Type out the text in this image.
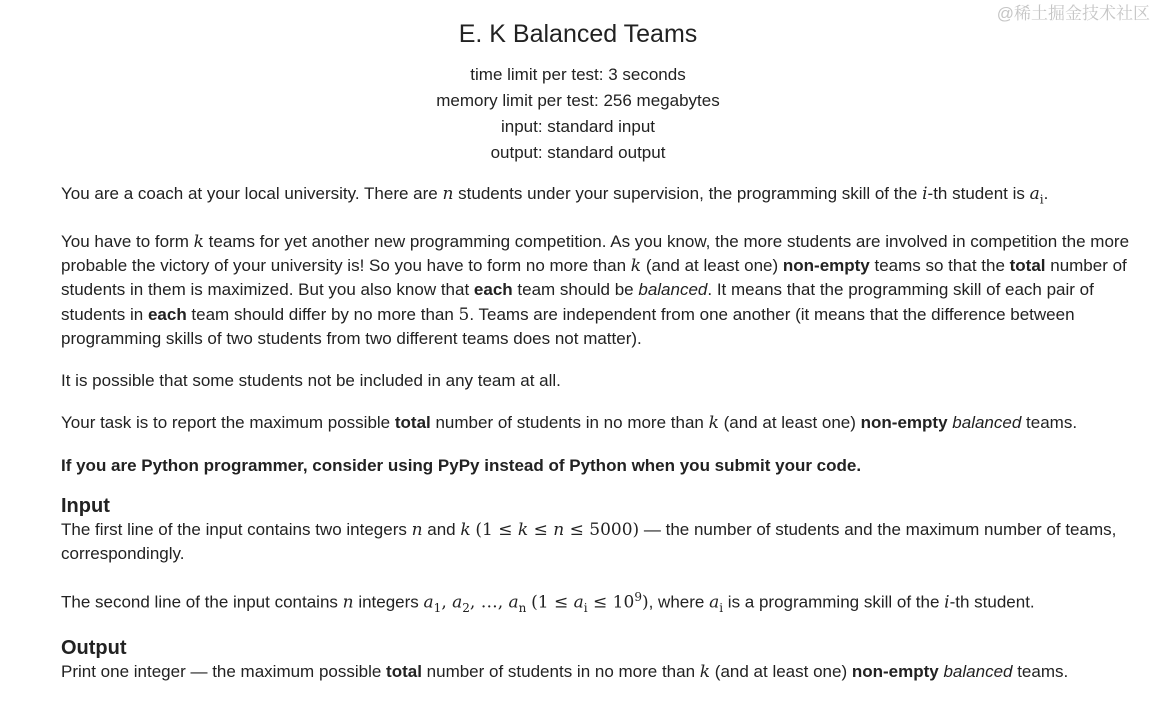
E. K Balanced Teams
time limit per test: 3 seconds
memory limit per test: 256 megabytes
input: standard input
output: standard output

You are a coach at your local university. There are n students under your supervision, the programming skill of the i-th student is $a_i$.

You have to form k teams for yet another new programming competition. As you know, the more students are involved in competition the more probable the victory of your university is! So you have to form no more than k (and at least one) non-empty teams so that the total number of students in them is maximized. But you also know that each team should be balanced. It means that the programming skill of each pair of students in each team should differ by no more than 5. Teams are independent from one another (it means that the difference between programming skills of two students from two different teams does not matter).

It is possible that some students not be included in any team at all.

Your task is to report the maximum possible total number of students in no more than k (and at least one) non-empty balanced teams.

If you are Python programmer, consider using PyPy instead of Python when you submit your code.

Input

The first line of the input contains two integers n and k (1 ≤ k ≤ n ≤ 5000) — the number of students and the maximum number of teams, correspondingly.

The second line of the input contains n integers $a_1$, $a_2$, …, $a_n$ $(1 \le a_i \le 10^9)$, where $a_i$ is a programming skill of the i-th student.

Output

Print one integer — the maximum possible total number of students in no more than k (and at least one) non-empty balanced teams.

@稀土掘金技术社区
